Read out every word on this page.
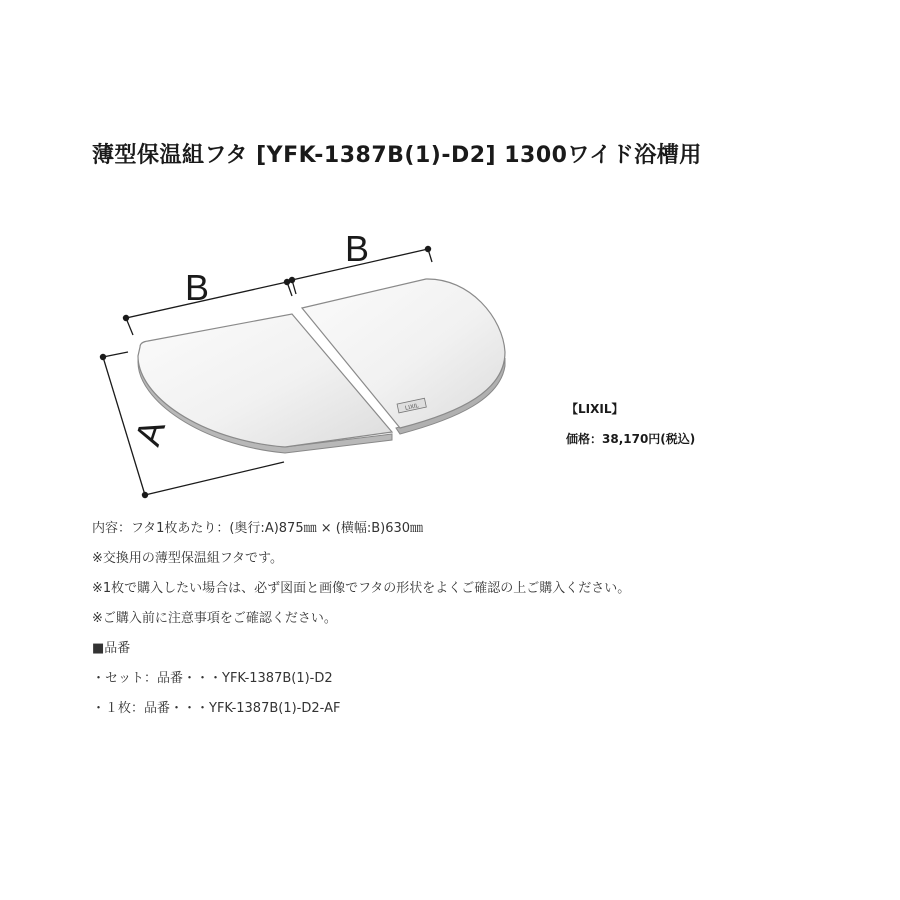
薄型保温組フタ [YFK-1387B(1)-D2] 1300ワイド浴槽用
LIXIL
B
B
A
【LIXIL】
価格：38,170円(税込)
内容：フタ1枚あたり：(奥行:A)875㎜ × (横幅:B)630㎜
※交換用の薄型保温組フタです。
※1枚で購入したい場合は、必ず図面と画像でフタの形状をよくご確認の上ご購入ください。
※ご購入前に注意事項をご確認ください。
■品番
・セット：品番・・・YFK-1387B(1)-D2
・１枚：品番・・・YFK-1387B(1)-D2-AF
